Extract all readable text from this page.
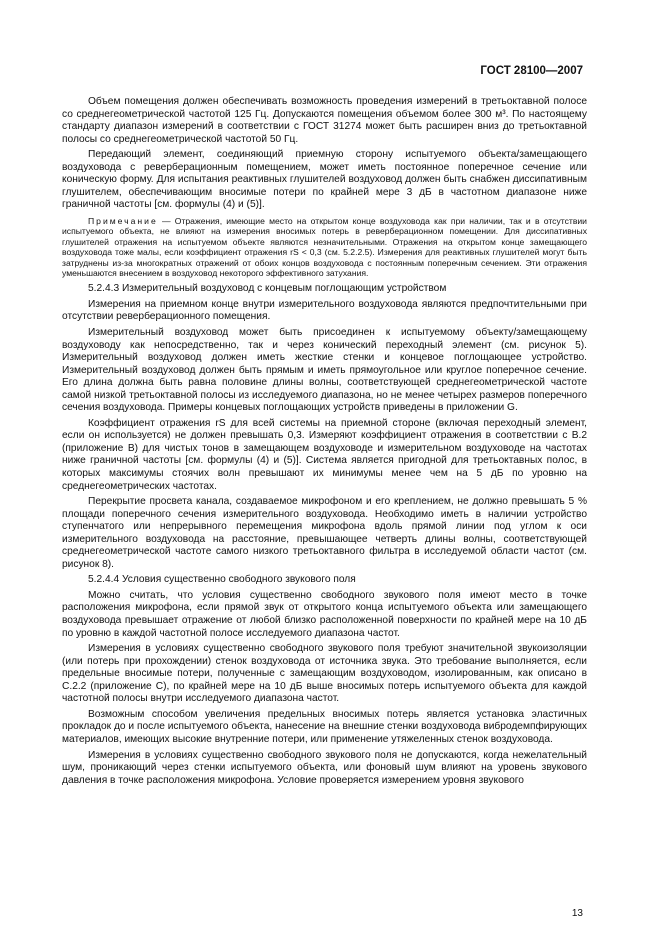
ГОСТ 28100—2007

Объем помещения должен обеспечивать возможность проведения измерений в третьоктавной полосе со среднегеометрической частотой 125 Гц. Допускаются помещения объемом более 300 м³. По настоящему стандарту диапазон измерений в соответствии с ГОСТ 31274 может быть расширен вниз до третьоктавной полосы со среднегеометрической частотой 50 Гц.

Передающий элемент, соединяющий приемную сторону испытуемого объекта/замещающего воздуховода с реверберационным помещением, может иметь постоянное поперечное сечение или коническую форму. Для испытания реактивных глушителей воздуховод должен быть снабжен диссипативным глушителем, обеспечивающим вносимые потери по крайней мере 3 дБ в частотном диапазоне ниже граничной частоты [см. формулы (4) и (5)].

Примечание — Отражения, имеющие место на открытом конце воздуховода как при наличии, так и в отсутствии испытуемого объекта, не влияют на измерения вносимых потерь в реверберационном помещении. Для диссипативных глушителей отражения на испытуемом объекте являются незначительными. Отражения на открытом конце замещающего воздуховода тоже малы, если коэффициент отражения rS < 0,3 (см. 5.2.2.5). Измерения для реактивных глушителей могут быть затруднены из-за многократных отражений от обоих концов воздуховода с постоянным поперечным сечением. Эти отражения уменьшаются внесением в воздуховод некоторого эффективного затухания.

5.2.4.3 Измерительный воздуховод с концевым поглощающим устройством

Измерения на приемном конце внутри измерительного воздуховода являются предпочтительными при отсутствии реверберационного помещения.

Измерительный воздуховод может быть присоединен к испытуемому объекту/замещающему воздуховоду как непосредственно, так и через конический переходный элемент (см. рисунок 5). Измерительный воздуховод должен иметь жесткие стенки и концевое поглощающее устройство. Измерительный воздуховод должен быть прямым и иметь прямоугольное или круглое поперечное сечение. Его длина должна быть равна половине длины волны, соответствующей среднегеометрической частоте самой низкой третьоктавной полосы из исследуемого диапазона, но не менее четырех размеров поперечного сечения воздуховода. Примеры концевых поглощающих устройств приведены в приложении G.

Коэффициент отражения rS для всей системы на приемной стороне (включая переходный элемент, если он используется) не должен превышать 0,3. Измеряют коэффициент отражения в соответствии с В.2 (приложение В) для чистых тонов в замещающем воздуховоде и измерительном воздуховоде на частотах ниже граничной частоты [см. формулы (4) и (5)]. Система является пригодной для третьоктавных полос, в которых максимумы стоячих волн превышают их минимумы менее чем на 5 дБ по уровню на среднегеометрических частотах.

Перекрытие просвета канала, создаваемое микрофоном и его креплением, не должно превышать 5 % площади поперечного сечения измерительного воздуховода. Необходимо иметь в наличии устройство ступенчатого или непрерывного перемещения микрофона вдоль прямой линии под углом к оси измерительного воздуховода на расстояние, превышающее четверть длины волны, соответствующей среднегеометрической частоте самого низкого третьоктавного фильтра в исследуемой области частот (см. рисунок 8).

5.2.4.4 Условия существенно свободного звукового поля

Можно считать, что условия существенно свободного звукового поля имеют место в точке расположения микрофона, если прямой звук от открытого конца испытуемого объекта или замещающего воздуховода превышает отражение от любой близко расположенной поверхности по крайней мере на 10 дБ по уровню в каждой частотной полосе исследуемого диапазона частот.

Измерения в условиях существенно свободного звукового поля требуют значительной звукоизоляции (или потерь при прохождении) стенок воздуховода от источника звука. Это требование выполняется, если предельные вносимые потери, полученные с замещающим воздуховодом, изолированным, как описано в С.2.2 (приложение С), по крайней мере на 10 дБ выше вносимых потерь испытуемого объекта для каждой частотной полосы внутри исследуемого диапазона частот.

Возможным способом увеличения предельных вносимых потерь является установка эластичных прокладок до и после испытуемого объекта, нанесение на внешние стенки воздуховода вибродемпфирующих материалов, имеющих высокие внутренние потери, или применение утяжеленных стенок воздуховода.

Измерения в условиях существенно свободного звукового поля не допускаются, когда нежелательный шум, проникающий через стенки испытуемого объекта, или фоновый шум влияют на уровень звукового давления в точке расположения микрофона. Условие проверяется измерением уровня звукового

13
